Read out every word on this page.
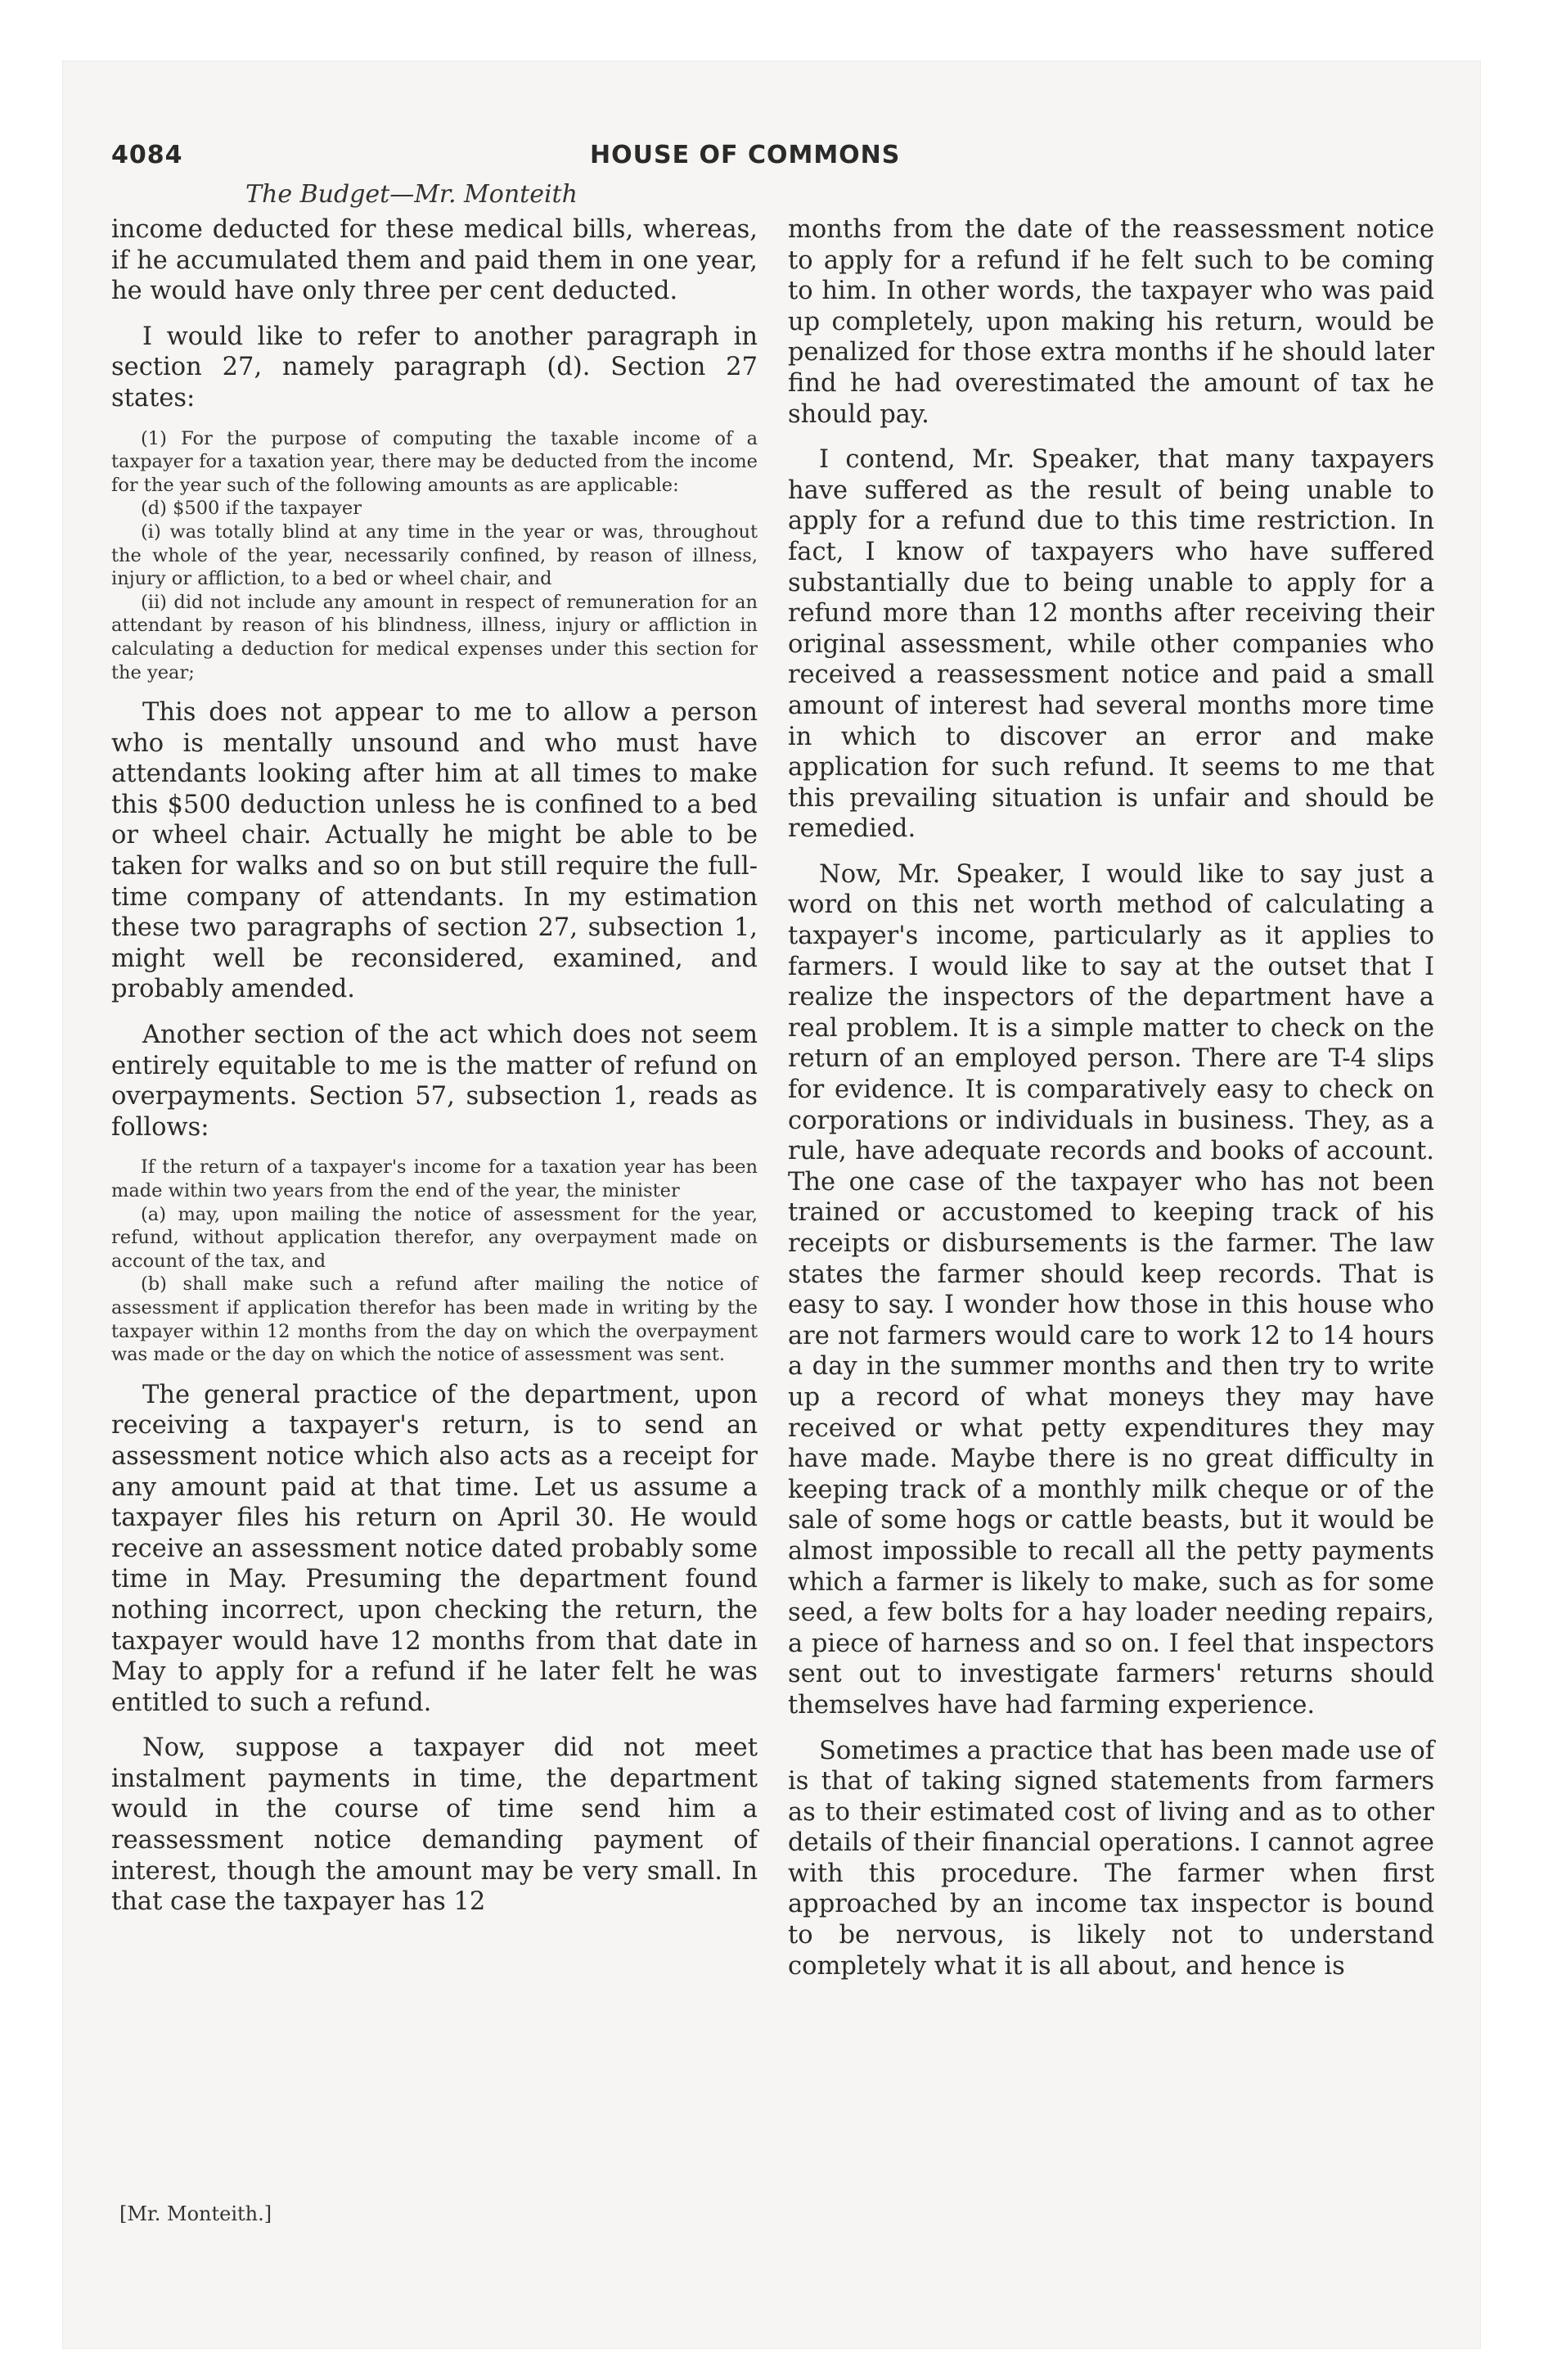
4084	HOUSE OF COMMONS
The Budget—Mr. Monteith

income deducted for these medical bills, whereas, if he accumulated them and paid them in one year, he would have only three per cent deducted.

I would like to refer to another paragraph in section 27, namely paragraph (d). Section 27 states:

(1) For the purpose of computing the taxable income of a taxpayer for a taxation year, there may be deducted from the income for the year such of the following amounts as are applicable:

(d) $500 if the taxpayer

(i) was totally blind at any time in the year or was, throughout the whole of the year, necessarily confined, by reason of illness, injury or affliction, to a bed or wheel chair, and

(ii) did not include any amount in respect of remuneration for an attendant by reason of his blindness, illness, injury or affliction in calculating a deduction for medical expenses under this section for the year;

This does not appear to me to allow a person who is mentally unsound and who must have attendants looking after him at all times to make this $500 deduction unless he is confined to a bed or wheel chair. Actually he might be able to be taken for walks and so on but still require the full-time company of attendants. In my estimation these two paragraphs of section 27, subsection 1, might well be reconsidered, examined, and probably amended.

Another section of the act which does not seem entirely equitable to me is the matter of refund on overpayments. Section 57, subsection 1, reads as follows:

If the return of a taxpayer's income for a taxation year has been made within two years from the end of the year, the minister

(a) may, upon mailing the notice of assessment for the year, refund, without application therefor, any overpayment made on account of the tax, and

(b) shall make such a refund after mailing the notice of assessment if application therefor has been made in writing by the taxpayer within 12 months from the day on which the overpayment was made or the day on which the notice of assessment was sent.

The general practice of the department, upon receiving a taxpayer's return, is to send an assessment notice which also acts as a receipt for any amount paid at that time. Let us assume a taxpayer files his return on April 30. He would receive an assessment notice dated probably some time in May. Presuming the department found nothing incorrect, upon checking the return, the taxpayer would have 12 months from that date in May to apply for a refund if he later felt he was entitled to such a refund.

Now, suppose a taxpayer did not meet instalment payments in time, the department would in the course of time send him a reassessment notice demanding payment of interest, though the amount may be very small. In that case the taxpayer has 12

[Mr. Monteith.]

months from the date of the reassessment notice to apply for a refund if he felt such to be coming to him. In other words, the taxpayer who was paid up completely, upon making his return, would be penalized for those extra months if he should later find he had overestimated the amount of tax he should pay.

I contend, Mr. Speaker, that many taxpayers have suffered as the result of being unable to apply for a refund due to this time restriction. In fact, I know of taxpayers who have suffered substantially due to being unable to apply for a refund more than 12 months after receiving their original assessment, while other companies who received a reassessment notice and paid a small amount of interest had several months more time in which to discover an error and make application for such refund. It seems to me that this prevailing situation is unfair and should be remedied.

Now, Mr. Speaker, I would like to say just a word on this net worth method of calculating a taxpayer's income, particularly as it applies to farmers. I would like to say at the outset that I realize the inspectors of the department have a real problem. It is a simple matter to check on the return of an employed person. There are T-4 slips for evidence. It is comparatively easy to check on corporations or individuals in business. They, as a rule, have adequate records and books of account. The one case of the taxpayer who has not been trained or accustomed to keeping track of his receipts or disbursements is the farmer. The law states the farmer should keep records. That is easy to say. I wonder how those in this house who are not farmers would care to work 12 to 14 hours a day in the summer months and then try to write up a record of what moneys they may have received or what petty expenditures they may have made. Maybe there is no great difficulty in keeping track of a monthly milk cheque or of the sale of some hogs or cattle beasts, but it would be almost impossible to recall all the petty payments which a farmer is likely to make, such as for some seed, a few bolts for a hay loader needing repairs, a piece of harness and so on. I feel that inspectors sent out to investigate farmers' returns should themselves have had farming experience.

Sometimes a practice that has been made use of is that of taking signed statements from farmers as to their estimated cost of living and as to other details of their financial operations. I cannot agree with this procedure. The farmer when first approached by an income tax inspector is bound to be nervous, is likely not to understand completely what it is all about, and hence is
